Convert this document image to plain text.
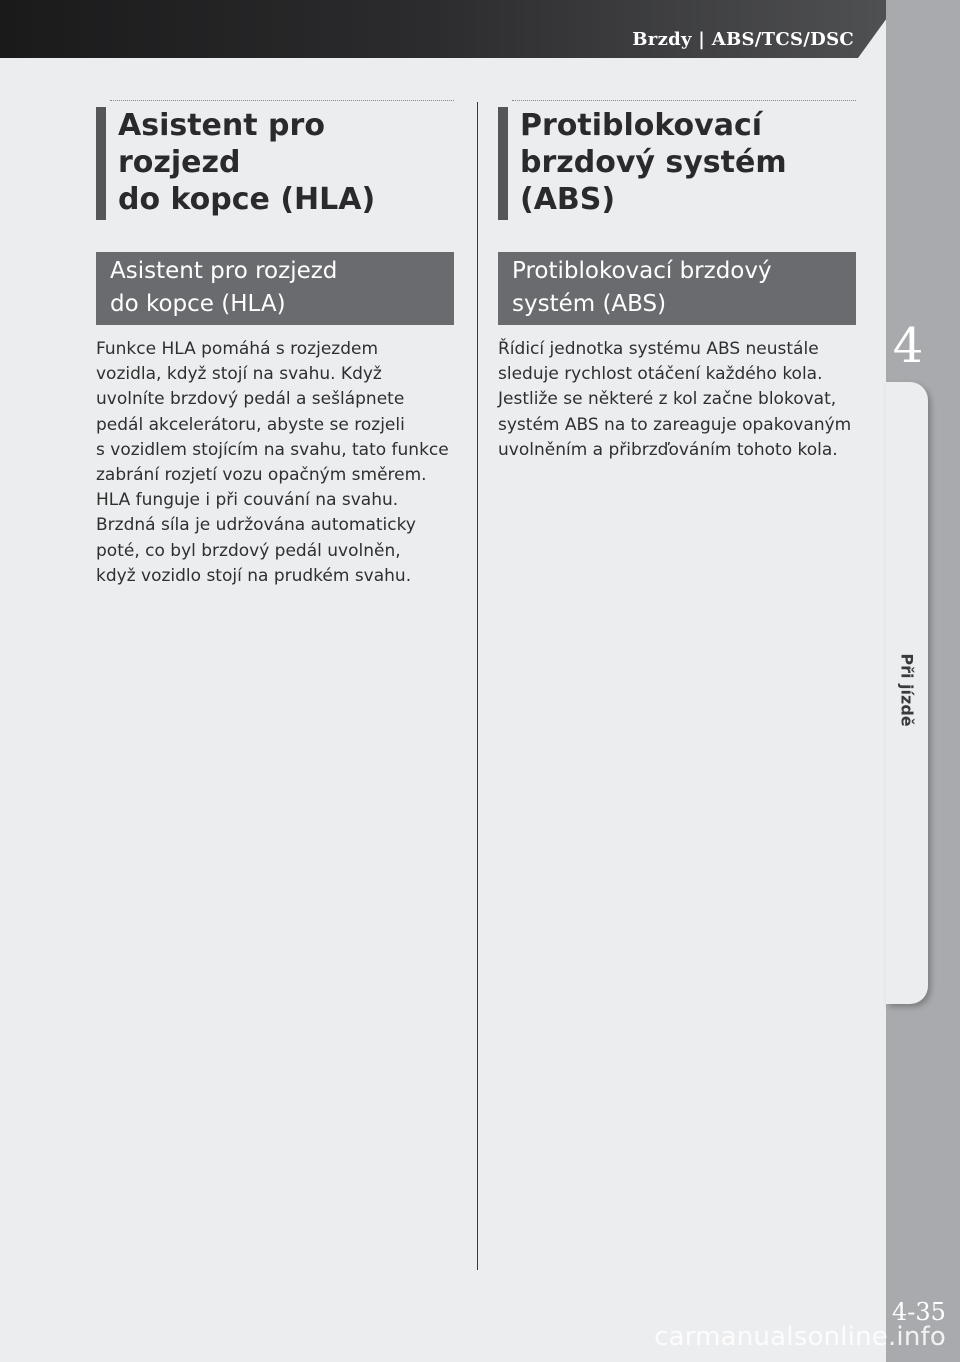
Brzdy | ABS/TCS/DSC
4
Při jízdě
Asistent pro rozjezd
do kopce (HLA)
Asistent pro rozjezd
do kopce (HLA)
Funkce HLA pomáhá s rozjezdem
vozidla, když stojí na svahu. Když
uvolníte brzdový pedál a sešlápnete
pedál akcelerátoru, abyste se rozjeli
s vozidlem stojícím na svahu, tato funkce
zabrání rozjetí vozu opačným směrem.
HLA funguje i při couvání na svahu.
Brzdná síla je udržována automaticky
poté, co byl brzdový pedál uvolněn,
když vozidlo stojí na prudkém svahu.
Protiblokovací
brzdový systém (ABS)
Protiblokovací brzdový
systém (ABS)
Řídicí jednotka systému ABS neustále
sleduje rychlost otáčení každého kola.
Jestliže se některé z kol začne blokovat,
systém ABS na to zareaguje opakovaným
uvolněním a přibrzďováním tohoto kola.
4-35
carmanualsonline.info
